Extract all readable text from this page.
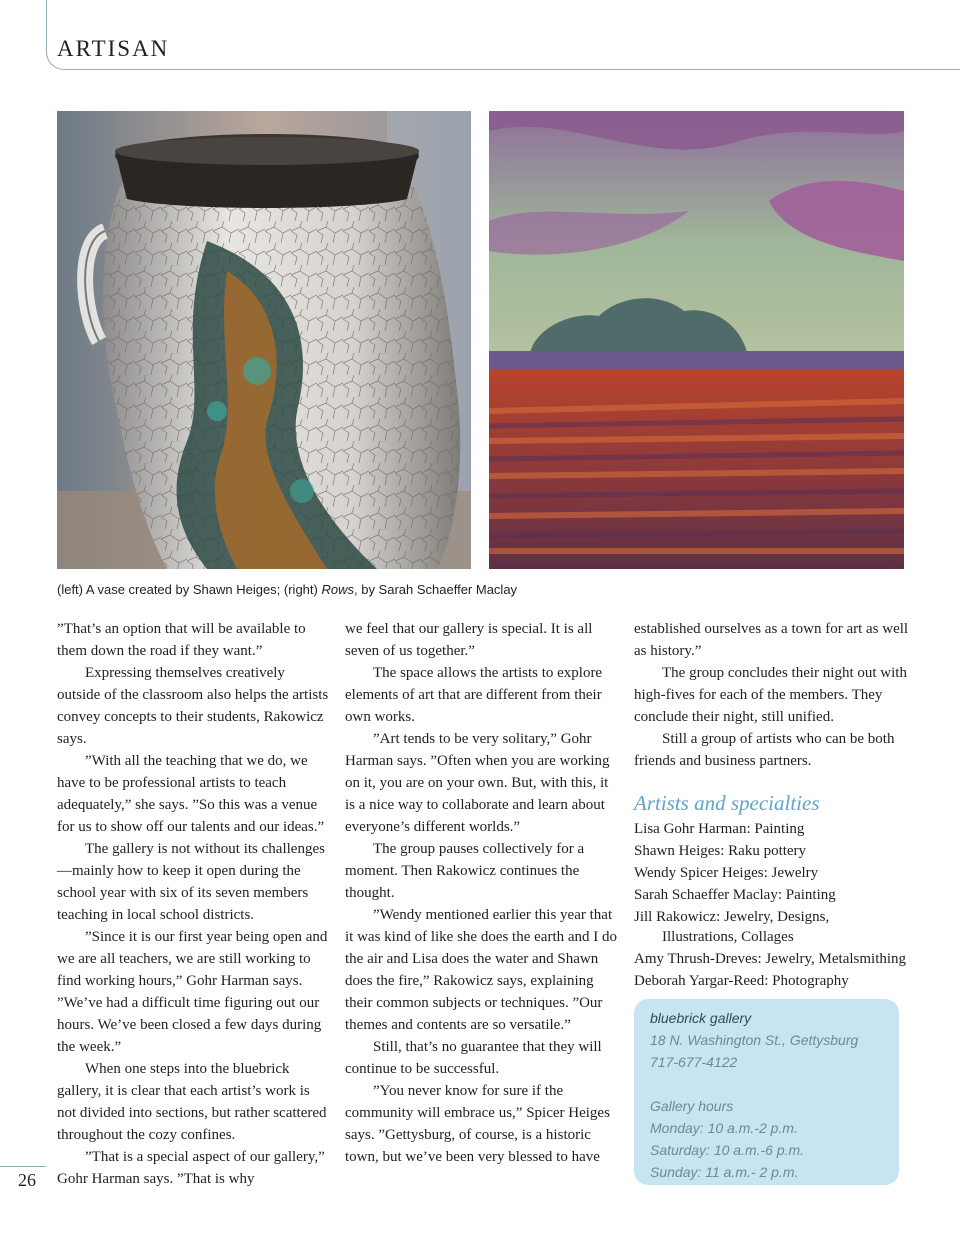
ARTISAN
(left) A vase created by Shawn Heiges; (right) Rows, by Sarah Schaeffer Maclay

”That’s an option that will be available to them down the road if they want.”

Expressing themselves creatively outside of the classroom also helps the artists convey concepts to their students, Rakowicz says.

”With all the teaching that we do, we have to be professional artists to teach adequately,” she says. ”So this was a venue for us to show off our talents and our ideas.”

The gallery is not without its challenges—mainly how to keep it open during the school year with six of its seven members teaching in local school districts.

”Since it is our first year being open and we are all teachers, we are still working to find working hours,” Gohr Harman says. ”We’ve had a difficult time figuring out our hours. We’ve been closed a few days during the week.”

When one steps into the bluebrick gallery, it is clear that each artist’s work is not divided into sections, but rather scattered throughout the cozy confines.

”That is a special aspect of our gallery,” Gohr Harman says. ”That is why

we feel that our gallery is special. It is all seven of us together.”

The space allows the artists to explore elements of art that are different from their own works.

”Art tends to be very solitary,” Gohr Harman says. ”Often when you are working on it, you are on your own. But, with this, it is a nice way to collaborate and learn about everyone’s different worlds.”

The group pauses collectively for a moment. Then Rakowicz continues the thought.

”Wendy mentioned earlier this year that it was kind of like she does the earth and I do the air and Lisa does the water and Shawn does the fire,” Rakowicz says, explaining their common subjects or techniques. ”Our themes and contents are so versatile.”

Still, that’s no guarantee that they will continue to be successful.

”You never know for sure if the community will embrace us,” Spicer Heiges says. ”Gettysburg, of course, is a historic town, but we’ve been very blessed to have

established ourselves as a town for art as well as history.”

The group concludes their night out with high-fives for each of the members. They conclude their night, still unified.

Still a group of artists who can be both friends and business partners.

Artists and specialties
Lisa Gohr Harman: Painting
Shawn Heiges: Raku pottery
Wendy Spicer Heiges: Jewelry
Sarah Schaeffer Maclay: Painting
Jill Rakowicz: Jewelry, Designs,
Illustrations, Collages
Amy Thrush-Dreves: Jewelry, Metalsmithing
Deborah Yargar-Reed: Photography
bluebrick gallery
18 N. Washington St., Gettysburg
717-677-4122
Gallery hours
Monday: 10 a.m.-2 p.m.
Saturday: 10 a.m.-6 p.m.
Sunday: 11 a.m.- 2 p.m.
26
